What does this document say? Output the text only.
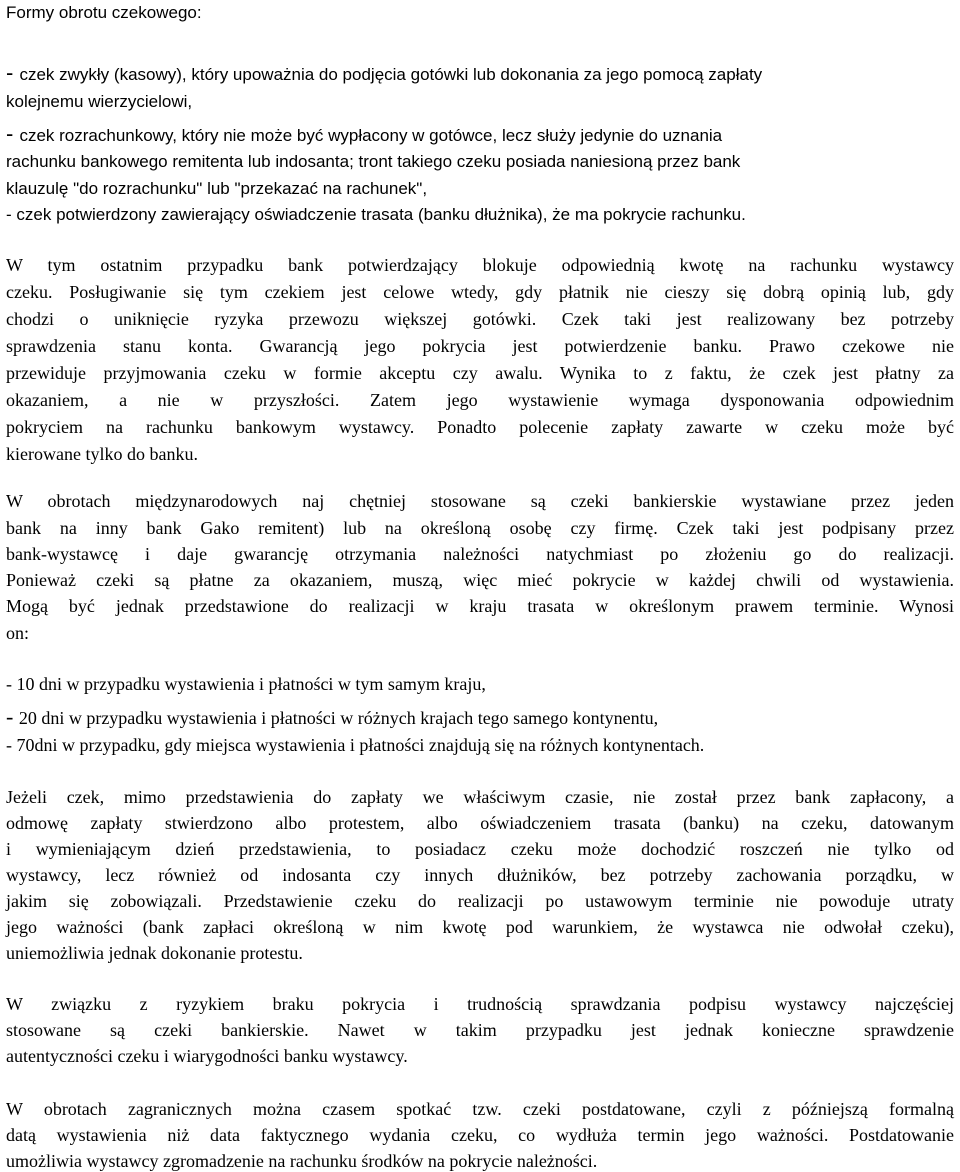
Formy obrotu czekowego:

- czek zwykły (kasowy), który upoważnia do podjęcia gotówki lub dokonania za jego pomocą zapłaty

kolejnemu wierzycielowi,

- czek rozrachunkowy, który nie może być wypłacony w gotówce, lecz służy jedynie do uznania

rachunku bankowego remitenta lub indosanta; tront takiego czeku posiada naniesioną przez bank

klauzulę "do rozrachunku" lub "przekazać na rachunek",

- czek potwierdzony zawierający oświadczenie trasata (banku dłużnika), że ma pokrycie rachunku.

W tym ostatnim przypadku bank potwierdzający blokuje odpowiednią kwotę na rachunku wystawcy

czeku. Posługiwanie się tym czekiem jest celowe wtedy, gdy płatnik nie cieszy się dobrą opinią lub, gdy

chodzi o uniknięcie ryzyka przewozu większej gotówki. Czek taki jest realizowany bez potrzeby

sprawdzenia stanu konta. Gwarancją jego pokrycia jest potwierdzenie banku. Prawo czekowe nie

przewiduje przyjmowania czeku w formie akceptu czy awalu. Wynika to z faktu, że czek jest płatny za

okazaniem, a nie w przyszłości. Zatem jego wystawienie wymaga dysponowania odpowiednim

pokryciem na rachunku bankowym wystawcy. Ponadto polecenie zapłaty zawarte w czeku może być

kierowane tylko do banku.

W obrotach międzynarodowych naj chętniej stosowane są czeki bankierskie wystawiane przez jeden

bank na inny bank Gako remitent) lub na określoną osobę czy firmę. Czek taki jest podpisany przez

bank-wystawcę i daje gwarancję otrzymania należności natychmiast po złożeniu go do realizacji.

Ponieważ czeki są płatne za okazaniem, muszą, więc mieć pokrycie w każdej chwili od wystawienia.

Mogą być jednak przedstawione do realizacji w kraju trasata w określonym prawem terminie. Wynosi

on:

- 10 dni w przypadku wystawienia i płatności w tym samym kraju,

- 20 dni w przypadku wystawienia i płatności w różnych krajach tego samego kontynentu,

- 70dni w przypadku, gdy miejsca wystawienia i płatności znajdują się na różnych kontynentach.

Jeżeli czek, mimo przedstawienia do zapłaty we właściwym czasie, nie został przez bank zapłacony, a

odmowę zapłaty stwierdzono albo protestem, albo oświadczeniem trasata (banku) na czeku, datowanym

i wymieniającym dzień przedstawienia, to posiadacz czeku może dochodzić roszczeń nie tylko od

wystawcy, lecz również od indosanta czy innych dłużników, bez potrzeby zachowania porządku, w

jakim się zobowiązali. Przedstawienie czeku do realizacji po ustawowym terminie nie powoduje utraty

jego ważności (bank zapłaci określoną w nim kwotę pod warunkiem, że wystawca nie odwołał czeku),

uniemożliwia jednak dokonanie protestu.

W związku z ryzykiem braku pokrycia i trudnością sprawdzania podpisu wystawcy najczęściej

stosowane są czeki bankierskie. Nawet w takim przypadku jest jednak konieczne sprawdzenie

autentyczności czeku i wiarygodności banku wystawcy.

W obrotach zagranicznych można czasem spotkać tzw. czeki postdatowane, czyli z późniejszą formalną

datą wystawienia niż data faktycznego wydania czeku, co wydłuża termin jego ważności. Postdatowanie

umożliwia wystawcy zgromadzenie na rachunku środków na pokrycie należności.
